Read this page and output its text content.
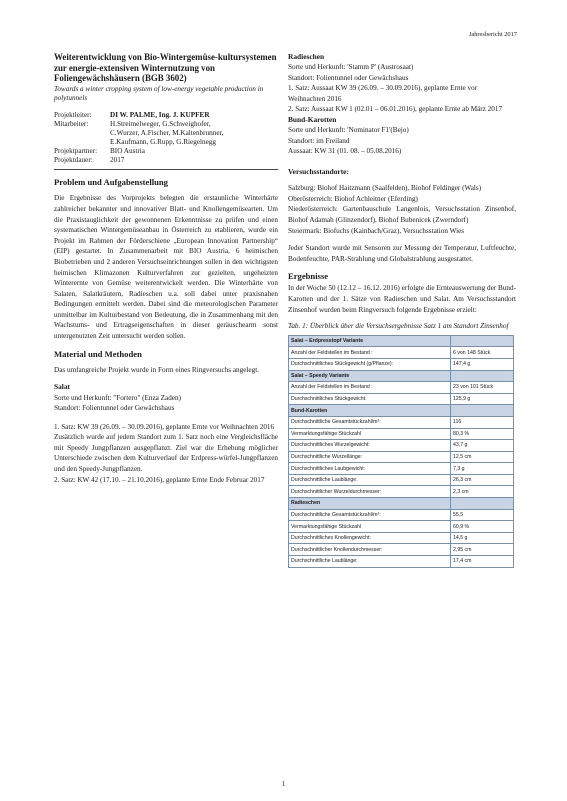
Jahresbericht 2017
Weiterentwicklung von Bio-Wintergemüse-kultursystemen zur energie-extensiven Winternutzung von Foliengewächshäusern (BGB 3602)
Towards a winter cropping system of low-energy vegetable production in polytunnels
Projektleiter:	DI W. PALME, Ing. J. KUPFER
Mitarbeiter:	H.Streimelweger, G.Schweighofer,
C.Wurzer, A.Fischer, M.Kaltenbrunner,
E.Kaufmann, G.Rupp, G.Riegelnegg
Projektpartner:	BIO Austria
Projektdauer:	2017
Problem und Aufgabenstellung
Die Ergebnisse des Vorprojekts belegten die erstaunliche Winterhärte zahlreicher bekannter und innovativer Blatt- und Knollengemüsearten. Um die Praxistauglichkeit der gewonnenen Erkenntnisse zu prüfen und einen systematischen Wintergemüseanbau in Österreich zu etablieren, wurde ein Projekt im Rahmen der Förderschiene „European Innovation Partnership“ (EIP) gestartet. In Zusammenarbeit mit BIO Austria, 6 heimischen Biobetrieben und 2 anderen Versuchseinrichtungen sollen in den wichtigsten heimischen Klimazonen Kulturverfahren zur gezielten, ungeheizten Winterernte von Gemüse weiterentwickelt werden. Die Winterhärte von Salaten, Salatkräutern, Radieschen u.a. soll dabei unter praxisnahen Bedingungen ermittelt werden. Dabei sind die meteorologischen Parameter unmittelbar im Kulturbestand von Bedeutung, die in Zusammenhang mit den Wachstums- und Ertragseigenschaften in dieser geräuschearm sonst untergenutzten Zeit untersucht werden sollen.
Material und Methoden
Das umfangreiche Projekt wurde in Form eines Ringversuchs angelegt.
Salat
Sorte und Herkunft: "Fortero" (Enza Zaden)
Standort: Folientunnel oder Gewächshaus
1. Satz: KW 39 (26.09. – 30.09.2016), geplante Ernte vor Weihnachten 2016
Zusätzlich wurde auf jedem Standort zum 1. Satz noch eine Vergleichsfläche mit Speedy Jungpflanzen ausgepflanzt. Ziel war die Erhebung möglicher Unterschiede zwischen dem Kulturverlauf der Erdpress-würfel-Jungpflanzen und den Speedy-Jungpflanzen.
2. Satz: KW 42 (17.10. – 21.10.2016), geplante Ernte Ende Februar 2017
Radieschen
Sorte und Herkunft: 'Stamm P' (Austrosaat)
Standort: Folientunnel oder Gewächshaus
1. Satz: Aussaat KW 39 (26.09. – 30.09.2016), geplante Ernte vor Weihnachten 2016
2. Satz: Aussaat KW 1 (02.01 – 06.01.2016), geplante Ernte ab März 2017
Bund-Karotten
Sorte und Herkunft: 'Nominator F1'(Bejo)
Standort: im Freiland
Aussaat: KW 31 (01. 08. – 05.08.2016)
Versuchsstandorte:
Salzburg: Biohof Haitzmann (Saalfelden), Biohof Feldinger (Wals)
Oberösterreich: Biohof Achleitner (Eferding)
Niederösterreich: Gartenbauschule Langenlois, Versuchsstation Zinsenhof, Biohof Adamah (Glinzendorf), Biohof Bubenicek (Zwerndorf)
Steiermark: Biofuchs (Kainbach/Graz), Versuchsstation Wies
Jeder Standort wurde mit Sensoren zur Messung der Temperatur, Luftfeuchte, Bodenfeuchte, PAR-Strahlung und Globalstrahlung ausgestattet.
Ergebnisse
In der Woche 50 (12.12 – 16.12. 2016) erfolgte die Ernteauswertung der Bund-Karotten und der 1. Sätze von Radieschen und Salat. Am Versuchsstandort Zinsenhof wurden beim Ringversuch folgende Ergebnisse erzielt:
Tab. 1: Überblick über die Versuchsergebnisse Satz 1 am Standort Zinsenhof
Salat – Erdpresstopf Variante	
Anzahl der Feldstellen im Bestand :	6 von 148 Stück
Durchschnittliches Stückgewicht (g/Pflanze):	147,4 g
Salat – Speedy Variante	
Anzahl der Feldstellen im Bestand :	23 von 101 Stück
Durchschnittliches Stückgewicht:	125,9 g
Bund-Karotten	
Durchschnittliche Gesamtstückzahl/m²:	116
Vermarktungsfähige Stückzahl	80,3 %
Durchschnittliches Wurzelgewicht:	43,7 g
Durchschnittliche Wurzellänge:	12,5 cm
Durchschnittliches Laubgewicht:	7,3 g
Durchschnittliche Laublänge:	26,3 cm
Durchschnittlicher Wurzeldurchmesser:	2,3 cm
Radieschen	
Durchschnittliche Gesamtstückzahl/m²:	55,5
Vermarktungsfähige Stückzahl	60,9 %
Durchschnittliches Knollengewicht:	14,5 g
Durchschnittlicher Knollendurchmesser:	2,95 cm
Durchschnittliche Laublänge:	17,4 cm
1
